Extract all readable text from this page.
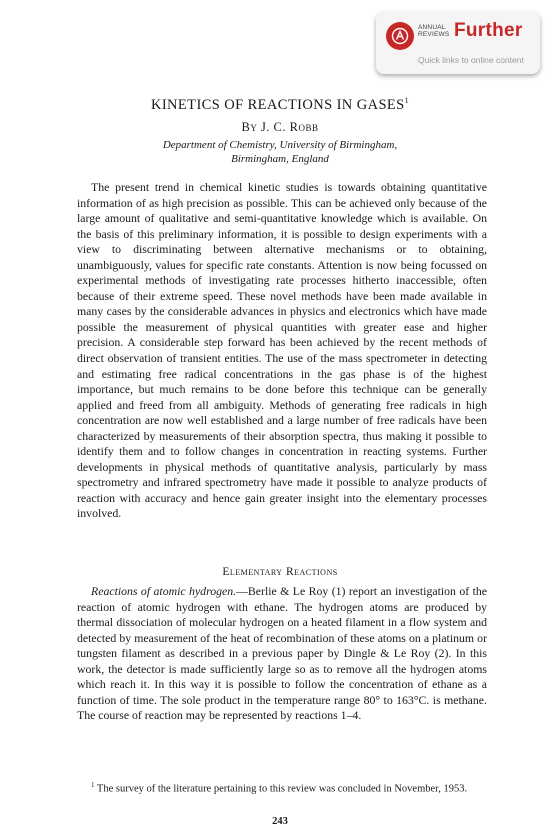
ANNUAL
REVIEWS Further
Quick links to online content
KINETICS OF REACTIONS IN GASES$^1$
By J. C. Robb
Department of Chemistry, University of Birmingham,
Birmingham, England

The present trend in chemical kinetic studies is towards obtaining quantitative information of as high precision as possible. This can be achieved only because of the large amount of qualitative and semi-quantitative knowledge which is available. On the basis of this preliminary information, it is possible to design experiments with a view to discriminating between alternative mechanisms or to obtaining, unambiguously, values for specific rate constants. Attention is now being focussed on experimental methods of investigating rate processes hitherto inaccessible, often because of their extreme speed. These novel methods have been made available in many cases by the considerable advances in physics and electronics which have made possible the measurement of physical quantities with greater ease and higher precision. A considerable step forward has been achieved by the recent methods of direct observation of transient entities. The use of the mass spectrometer in detecting and estimating free radical concentrations in the gas phase is of the highest importance, but much remains to be done before this technique can be generally applied and freed from all ambiguity. Methods of generating free radicals in high concentration are now well established and a large number of free radicals have been characterized by measurements of their absorption spectra, thus making it possible to identify them and to follow changes in concentration in reacting systems. Further developments in physical methods of quantitative analysis, particularly by mass spectrometry and infrared spectrometry have made it possible to analyze products of reaction with accuracy and hence gain greater insight into the elementary processes involved.

Elementary Reactions

Reactions of atomic hydrogen.—Berlie & Le Roy (1) report an investigation of the reaction of atomic hydrogen with ethane. The hydrogen atoms are produced by thermal dissociation of molecular hydrogen on a heated filament in a flow system and detected by measurement of the heat of recombination of these atoms on a platinum or tungsten filament as described in a previous paper by Dingle & Le Roy (2). In this work, the detector is made sufficiently large so as to remove all the hydrogen atoms which reach it. In this way it is possible to follow the concentration of ethane as a function of time. The sole product in the temperature range 80° to 163°C. is methane. The course of reaction may be represented by reactions 1–4.

$^1$ The survey of the literature pertaining to this review was concluded in November, 1953.
243
